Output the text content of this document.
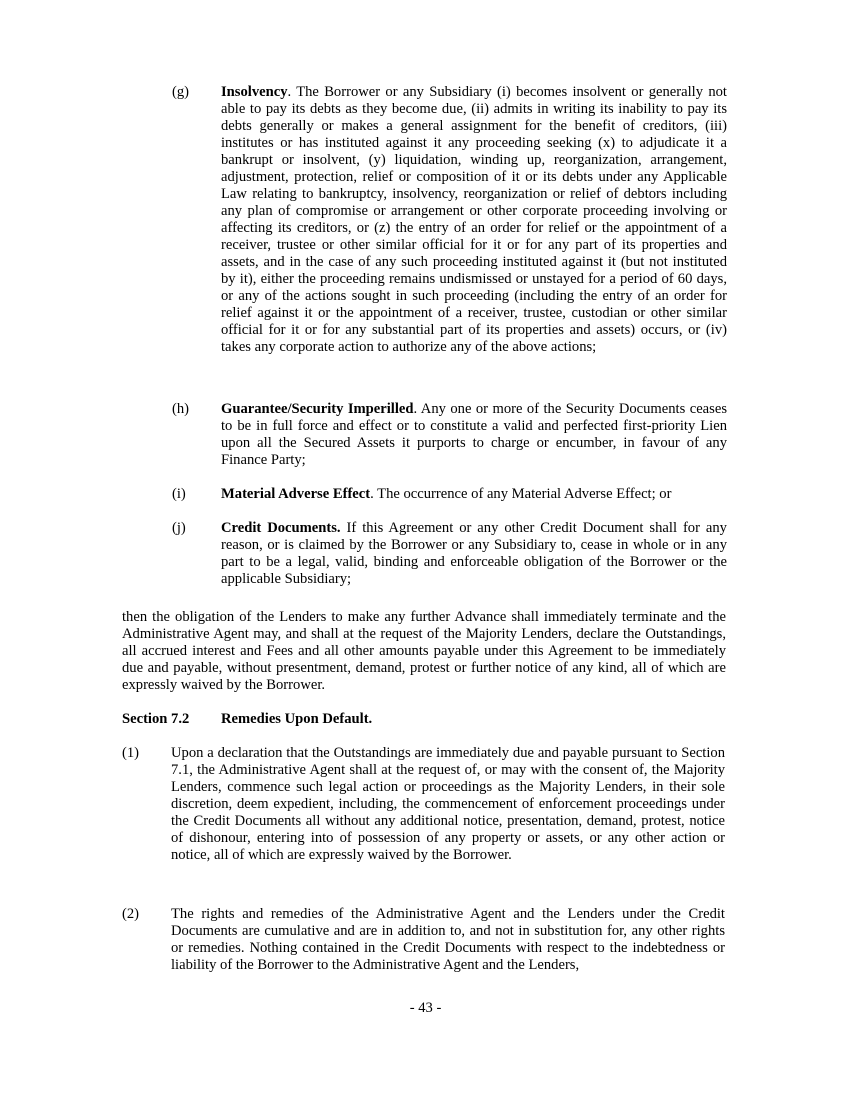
(g)	Insolvency. The Borrower or any Subsidiary (i) becomes insolvent or generally not able to pay its debts as they become due, (ii) admits in writing its inability to pay its debts generally or makes a general assignment for the benefit of creditors, (iii) institutes or has instituted against it any proceeding seeking (x) to adjudicate it a bankrupt or insolvent, (y) liquidation, winding up, reorganization, arrangement, adjustment, protection, relief or composition of it or its debts under any Applicable Law relating to bankruptcy, insolvency, reorganization or relief of debtors including any plan of compromise or arrangement or other corporate proceeding involving or affecting its creditors, or (z) the entry of an order for relief or the appointment of a receiver, trustee or other similar official for it or for any part of its properties and assets, and in the case of any such proceeding instituted against it (but not instituted by it), either the proceeding remains undismissed or unstayed for a period of 60 days, or any of the actions sought in such proceeding (including the entry of an order for relief against it or the appointment of a receiver, trustee, custodian or other similar official for it or for any substantial part of its properties and assets) occurs, or (iv) takes any corporate action to authorize any of the above actions;
(h)	Guarantee/Security Imperilled. Any one or more of the Security Documents ceases to be in full force and effect or to constitute a valid and perfected first-priority Lien upon all the Secured Assets it purports to charge or encumber, in favour of any Finance Party;
(i)	Material Adverse Effect. The occurrence of any Material Adverse Effect; or
(j)	Credit Documents. If this Agreement or any other Credit Document shall for any reason, or is claimed by the Borrower or any Subsidiary to, cease in whole or in any part to be a legal, valid, binding and enforceable obligation of the Borrower or the applicable Subsidiary;
then the obligation of the Lenders to make any further Advance shall immediately terminate and the Administrative Agent may, and shall at the request of the Majority Lenders, declare the Outstandings, all accrued interest and Fees and all other amounts payable under this Agreement to be immediately due and payable, without presentment, demand, protest or further notice of any kind, all of which are expressly waived by the Borrower.
Section 7.2	Remedies Upon Default.
(1)	Upon a declaration that the Outstandings are immediately due and payable pursuant to Section 7.1, the Administrative Agent shall at the request of, or may with the consent of, the Majority Lenders, commence such legal action or proceedings as the Majority Lenders, in their sole discretion, deem expedient, including, the commencement of enforcement proceedings under the Credit Documents all without any additional notice, presentation, demand, protest, notice of dishonour, entering into of possession of any property or assets, or any other action or notice, all of which are expressly waived by the Borrower.
(2)	The rights and remedies of the Administrative Agent and the Lenders under the Credit Documents are cumulative and are in addition to, and not in substitution for, any other rights or remedies. Nothing contained in the Credit Documents with respect to the indebtedness or liability of the Borrower to the Administrative Agent and the Lenders,
- 43 -
